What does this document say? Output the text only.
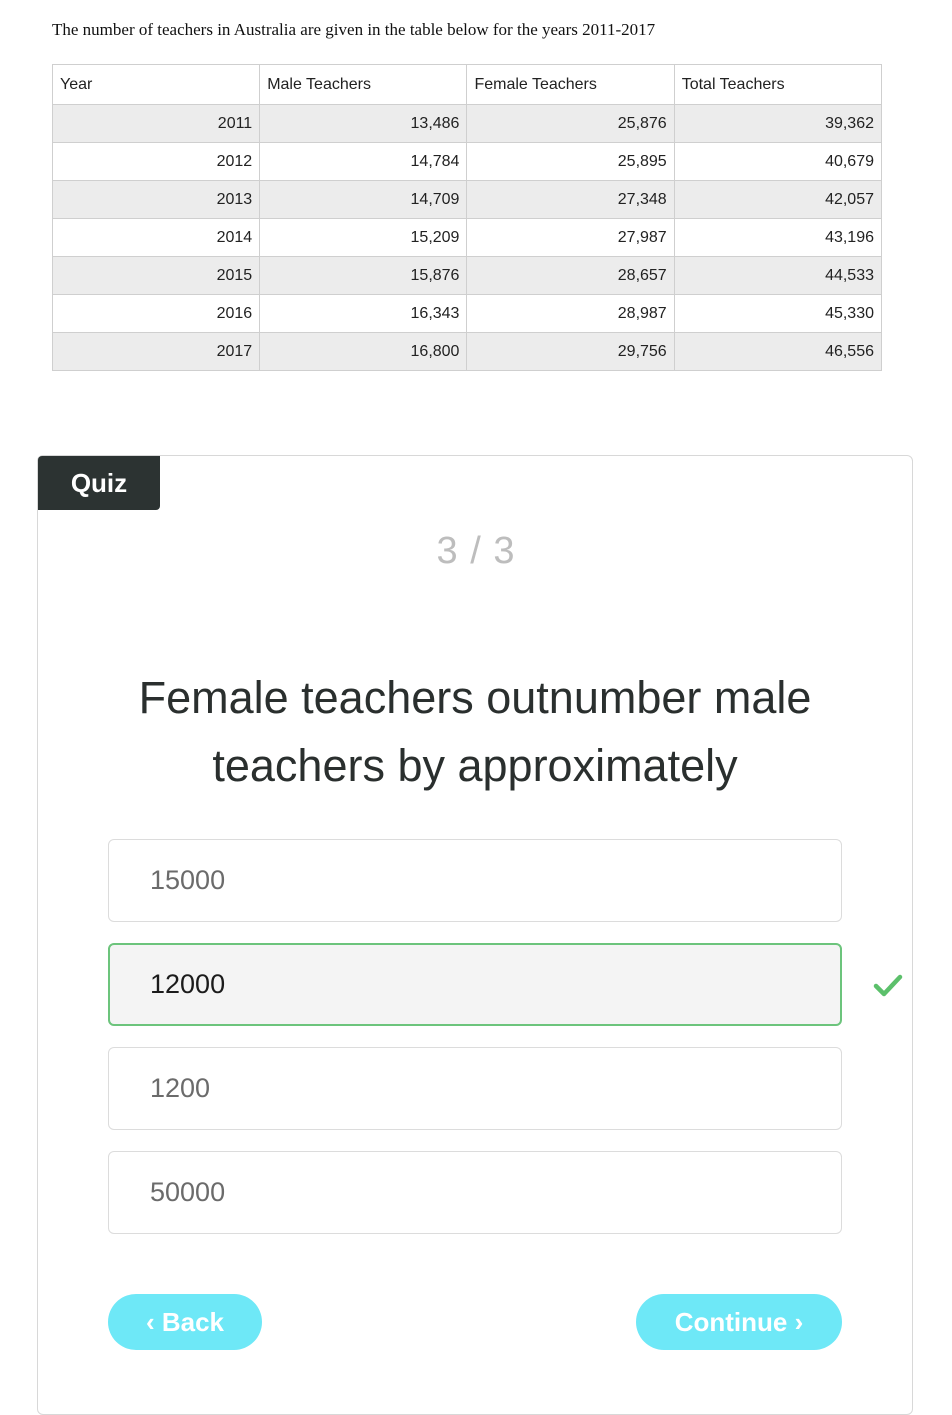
The number of teachers in Australia are given in the table below for the years 2011-2017
Year	Male Teachers	Female Teachers	Total Teachers
2011	13,486	25,876	39,362
2012	14,784	25,895	40,679
2013	14,709	27,348	42,057
2014	15,209	27,987	43,196
2015	15,876	28,657	44,533
2016	16,343	28,987	45,330
2017	16,800	29,756	46,556
Quiz
3 / 3
Female teachers outnumber male teachers by approximately
15000
12000
1200
50000
‹ Back	Continue ›
